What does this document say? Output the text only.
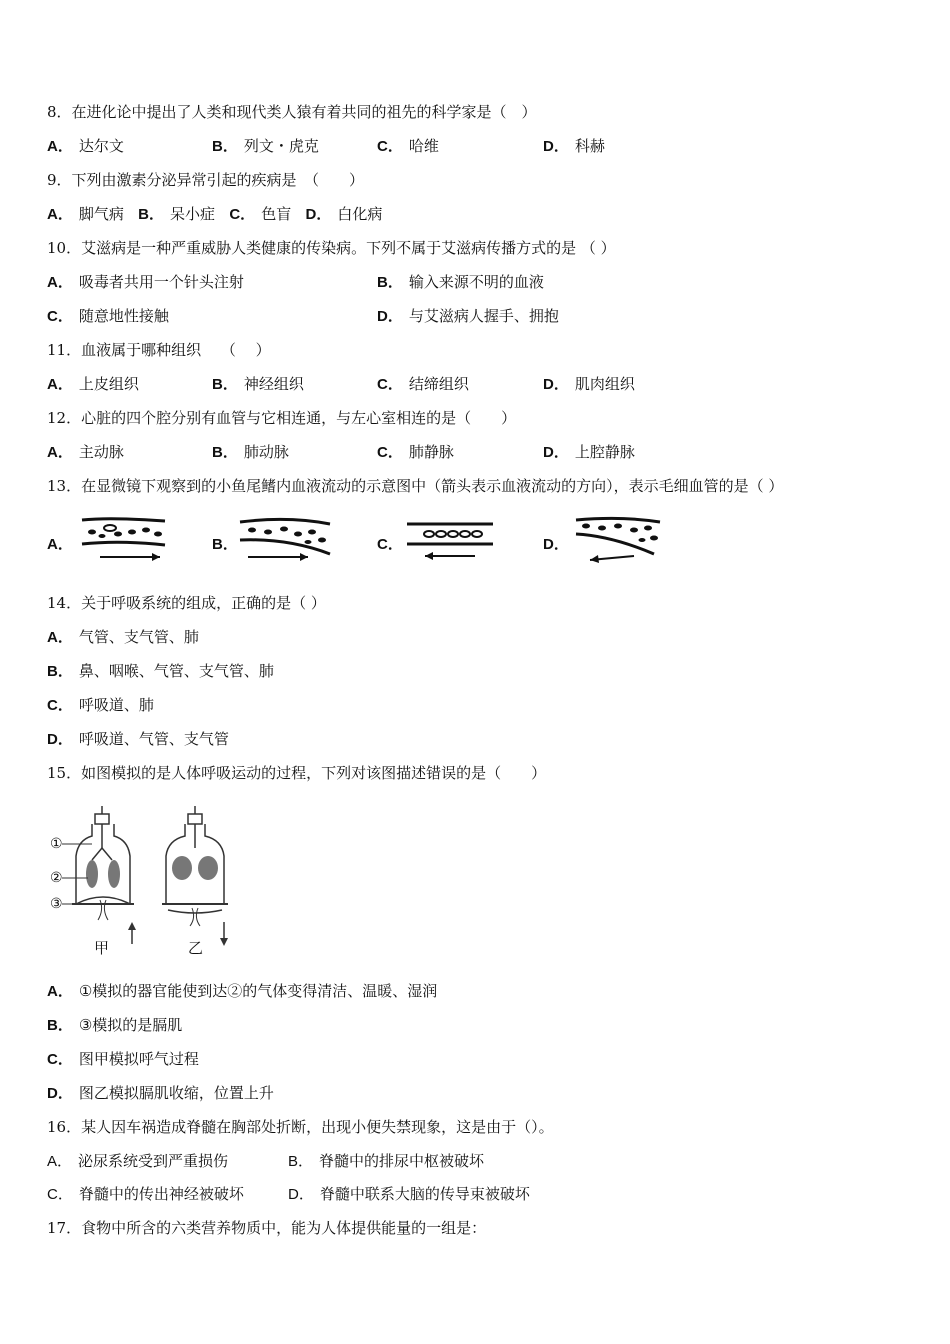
8．在进化论中提出了人类和现代类人猿有着共同的祖先的科学家是（　）
A． 达尔文	B． 列文・虎克	C． 哈维	D． 科赫
9．下列由激素分泌异常引起的疾病是　（　　）
A． 脚气病 B． 呆小症 C． 色盲 D． 白化病
10．艾滋病是一种严重威胁人类健康的传染病。下列不属于艾滋病传播方式的是 （ ）
A． 吸毒者共用一个针头注射	B． 输入来源不明的血液
C． 随意地性接触	D． 与艾滋病人握手、拥抱
11．血液属于哪种组织　 （　 ）
A． 上皮组织	B． 神经组织	C． 结缔组织	D． 肌肉组织
12．心脏的四个腔分别有血管与它相连通，与左心室相连的是（　　）
A． 主动脉	B． 肺动脉	C． 肺静脉	D． 上腔静脉
13．在显微镜下观察到的小鱼尾鳍内血液流动的示意图中（箭头表示血液流动的方向），表示毛细血管的是（ ）
A．	B．	C．	D．
14．关于呼吸系统的组成，正确的是（ ）
A． 气管、支气管、肺
B． 鼻、咽喉、气管、支气管、肺
C． 呼吸道、肺
D． 呼吸道、气管、支气管
15．如图模拟的是人体呼吸运动的过程，下列对该图描述错误的是（　　）
①
②
③
甲	乙
A． ①模拟的器官能使到达②的气体变得清洁、温暖、湿润
B． ③模拟的是膈肌
C． 图甲模拟呼气过程
D． 图乙模拟膈肌收缩，位置上升
16．某人因车祸造成脊髓在胸部处折断，出现小便失禁现象，这是由于（）。
A． 泌尿系统受到严重损伤	B． 脊髓中的排尿中枢被破坏
C． 脊髓中的传出神经被破坏	D． 脊髓中联系大脑的传导束被破坏
17．食物中所含的六类营养物质中，能为人体提供能量的一组是：
